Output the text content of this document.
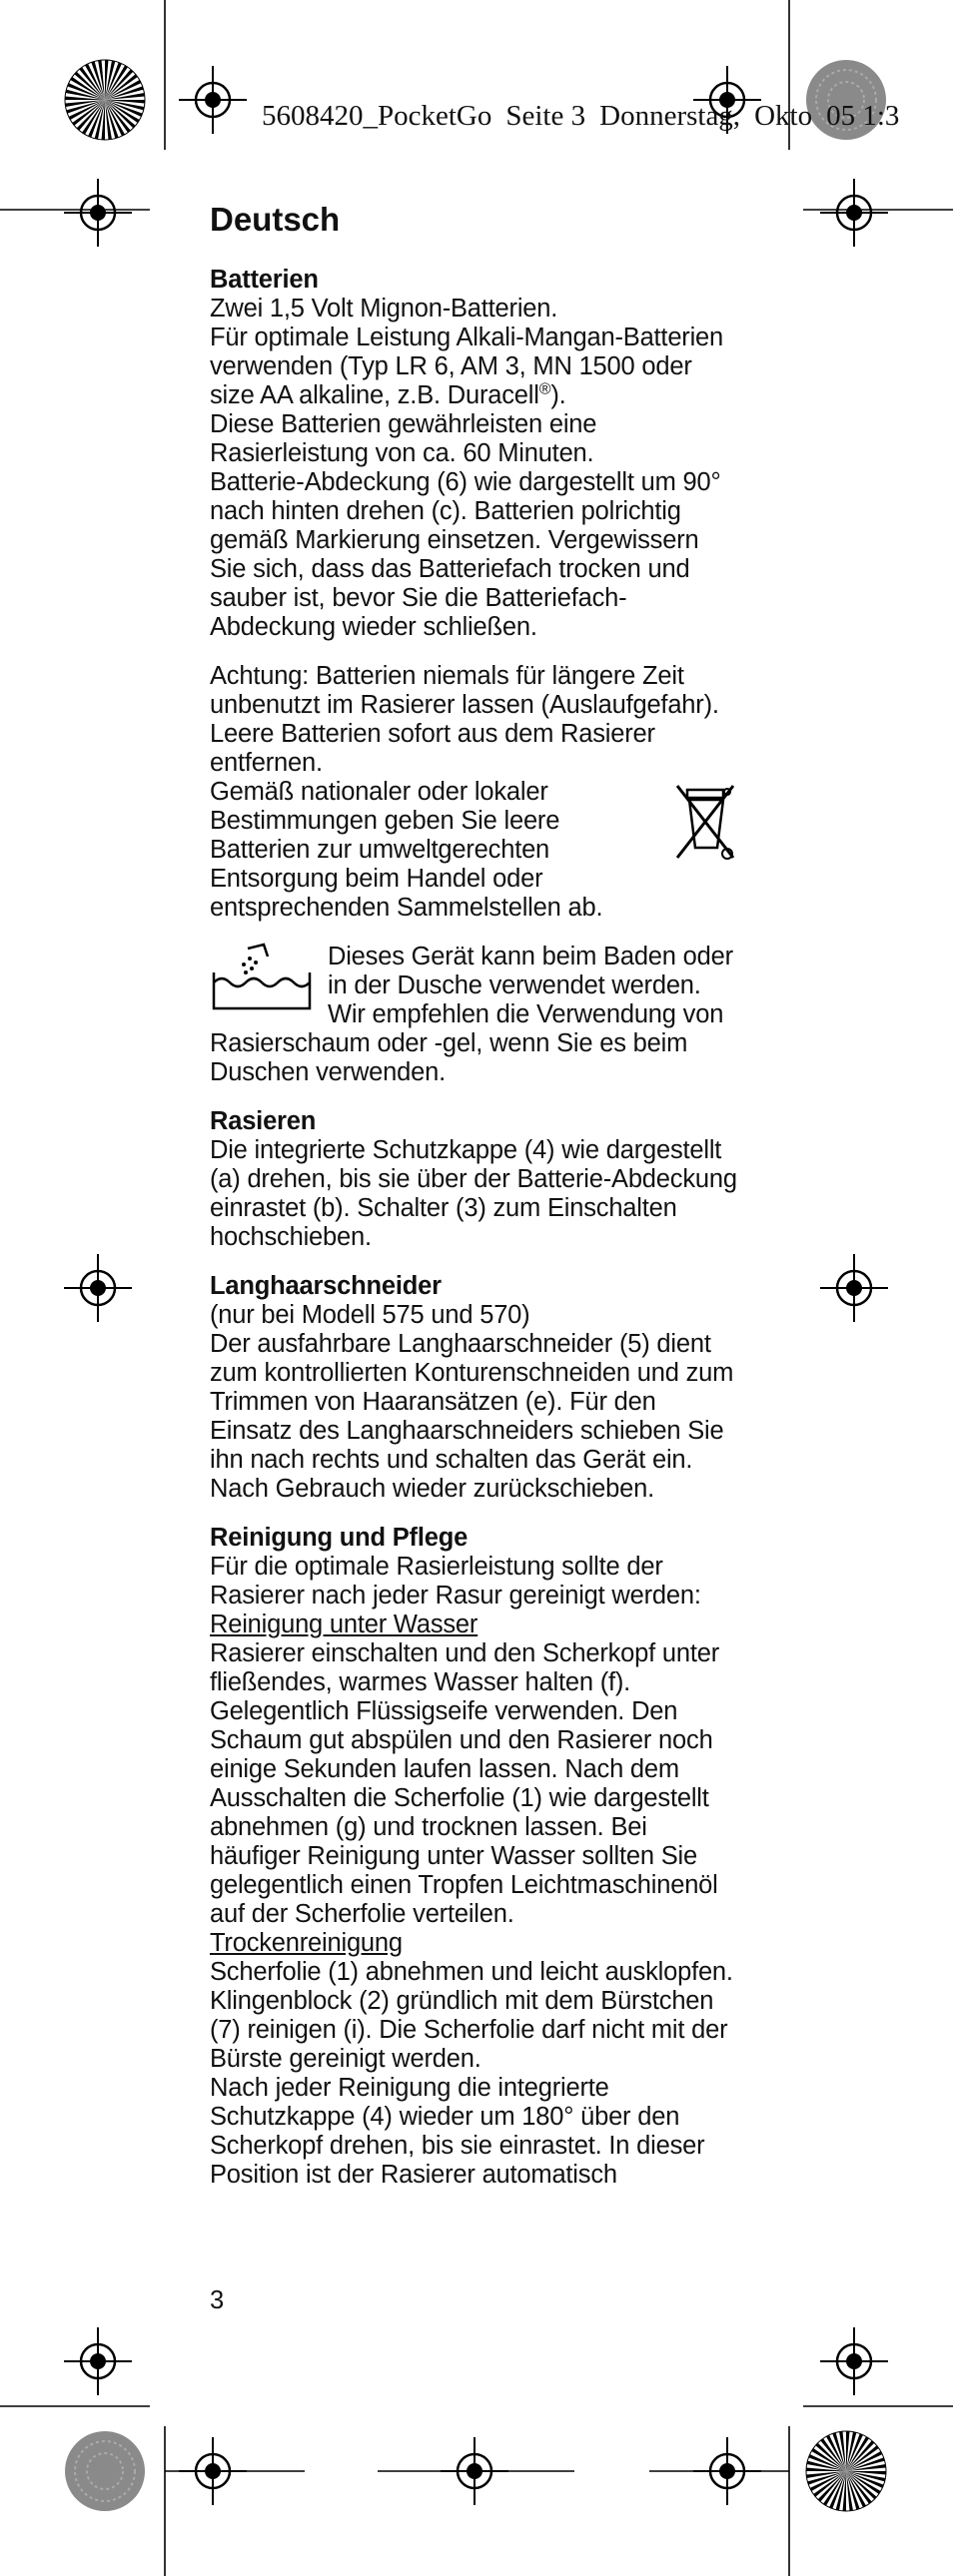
5608420_PocketGo Seite 3 Donnerstag, Okto 05 1:3
Deutsch
Batterien

Zwei 1,5 Volt Mignon-Batterien.

Für optimale Leistung Alkali-Mangan-Batterien verwenden (Typ LR 6, AM 3, MN 1500 oder size AA alkaline, z.B. Duracell®).

Diese Batterien gewährleisten eine Rasierleistung von ca. 60 Minuten.

Batterie-Abdeckung (6) wie dargestellt um 90° nach hinten drehen (c). Batterien polrichtig gemäß Markierung einsetzen. Vergewissern Sie sich, dass das Batteriefach trocken und sauber ist, bevor Sie die Batteriefach-Abdeckung wieder schließen.

Achtung: Batterien niemals für längere Zeit unbenutzt im Rasierer lassen (Auslaufgefahr). Leere Batterien sofort aus dem Rasierer entfernen.

Gemäß nationaler oder lokaler Bestimmungen geben Sie leere Batterien zur umweltgerechten Entsorgung beim Handel oder entsprechenden Sammelstellen ab.

Dieses Gerät kann beim Baden oder in der Dusche verwendet werden. Wir empfehlen die Verwendung von Rasierschaum oder -gel, wenn Sie es beim Duschen verwenden.

Rasieren

Die integrierte Schutzkappe (4) wie dargestellt (a) drehen, bis sie über der Batterie-Abdeckung einrastet (b). Schalter (3) zum Einschalten hochschieben.

Langhaarschneider

(nur bei Modell 575 und 570)

Der ausfahrbare Langhaarschneider (5) dient zum kontrollierten Konturenschneiden und zum Trimmen von Haaransätzen (e). Für den Einsatz des Langhaarschneiders schieben Sie ihn nach rechts und schalten das Gerät ein.

Nach Gebrauch wieder zurückschieben.

Reinigung und Pflege

Für die optimale Rasierleistung sollte der Rasierer nach jeder Rasur gereinigt werden:

Reinigung unter Wasser

Rasierer einschalten und den Scherkopf unter fließendes, warmes Wasser halten (f). Gelegentlich Flüssigseife verwenden. Den Schaum gut abspülen und den Rasierer noch einige Sekunden laufen lassen. Nach dem Ausschalten die Scherfolie (1) wie dargestellt abnehmen (g) und trocknen lassen. Bei häufiger Reinigung unter Wasser sollten Sie gelegentlich einen Tropfen Leichtmaschinenöl auf der Scherfolie verteilen.

Trockenreinigung

Scherfolie (1) abnehmen und leicht ausklopfen. Klingenblock (2) gründlich mit dem Bürstchen (7) reinigen (i). Die Scherfolie darf nicht mit der Bürste gereinigt werden.

Nach jeder Reinigung die integrierte Schutzkappe (4) wieder um 180° über den Scherkopf drehen, bis sie einrastet. In dieser Position ist der Rasierer automatisch

3
